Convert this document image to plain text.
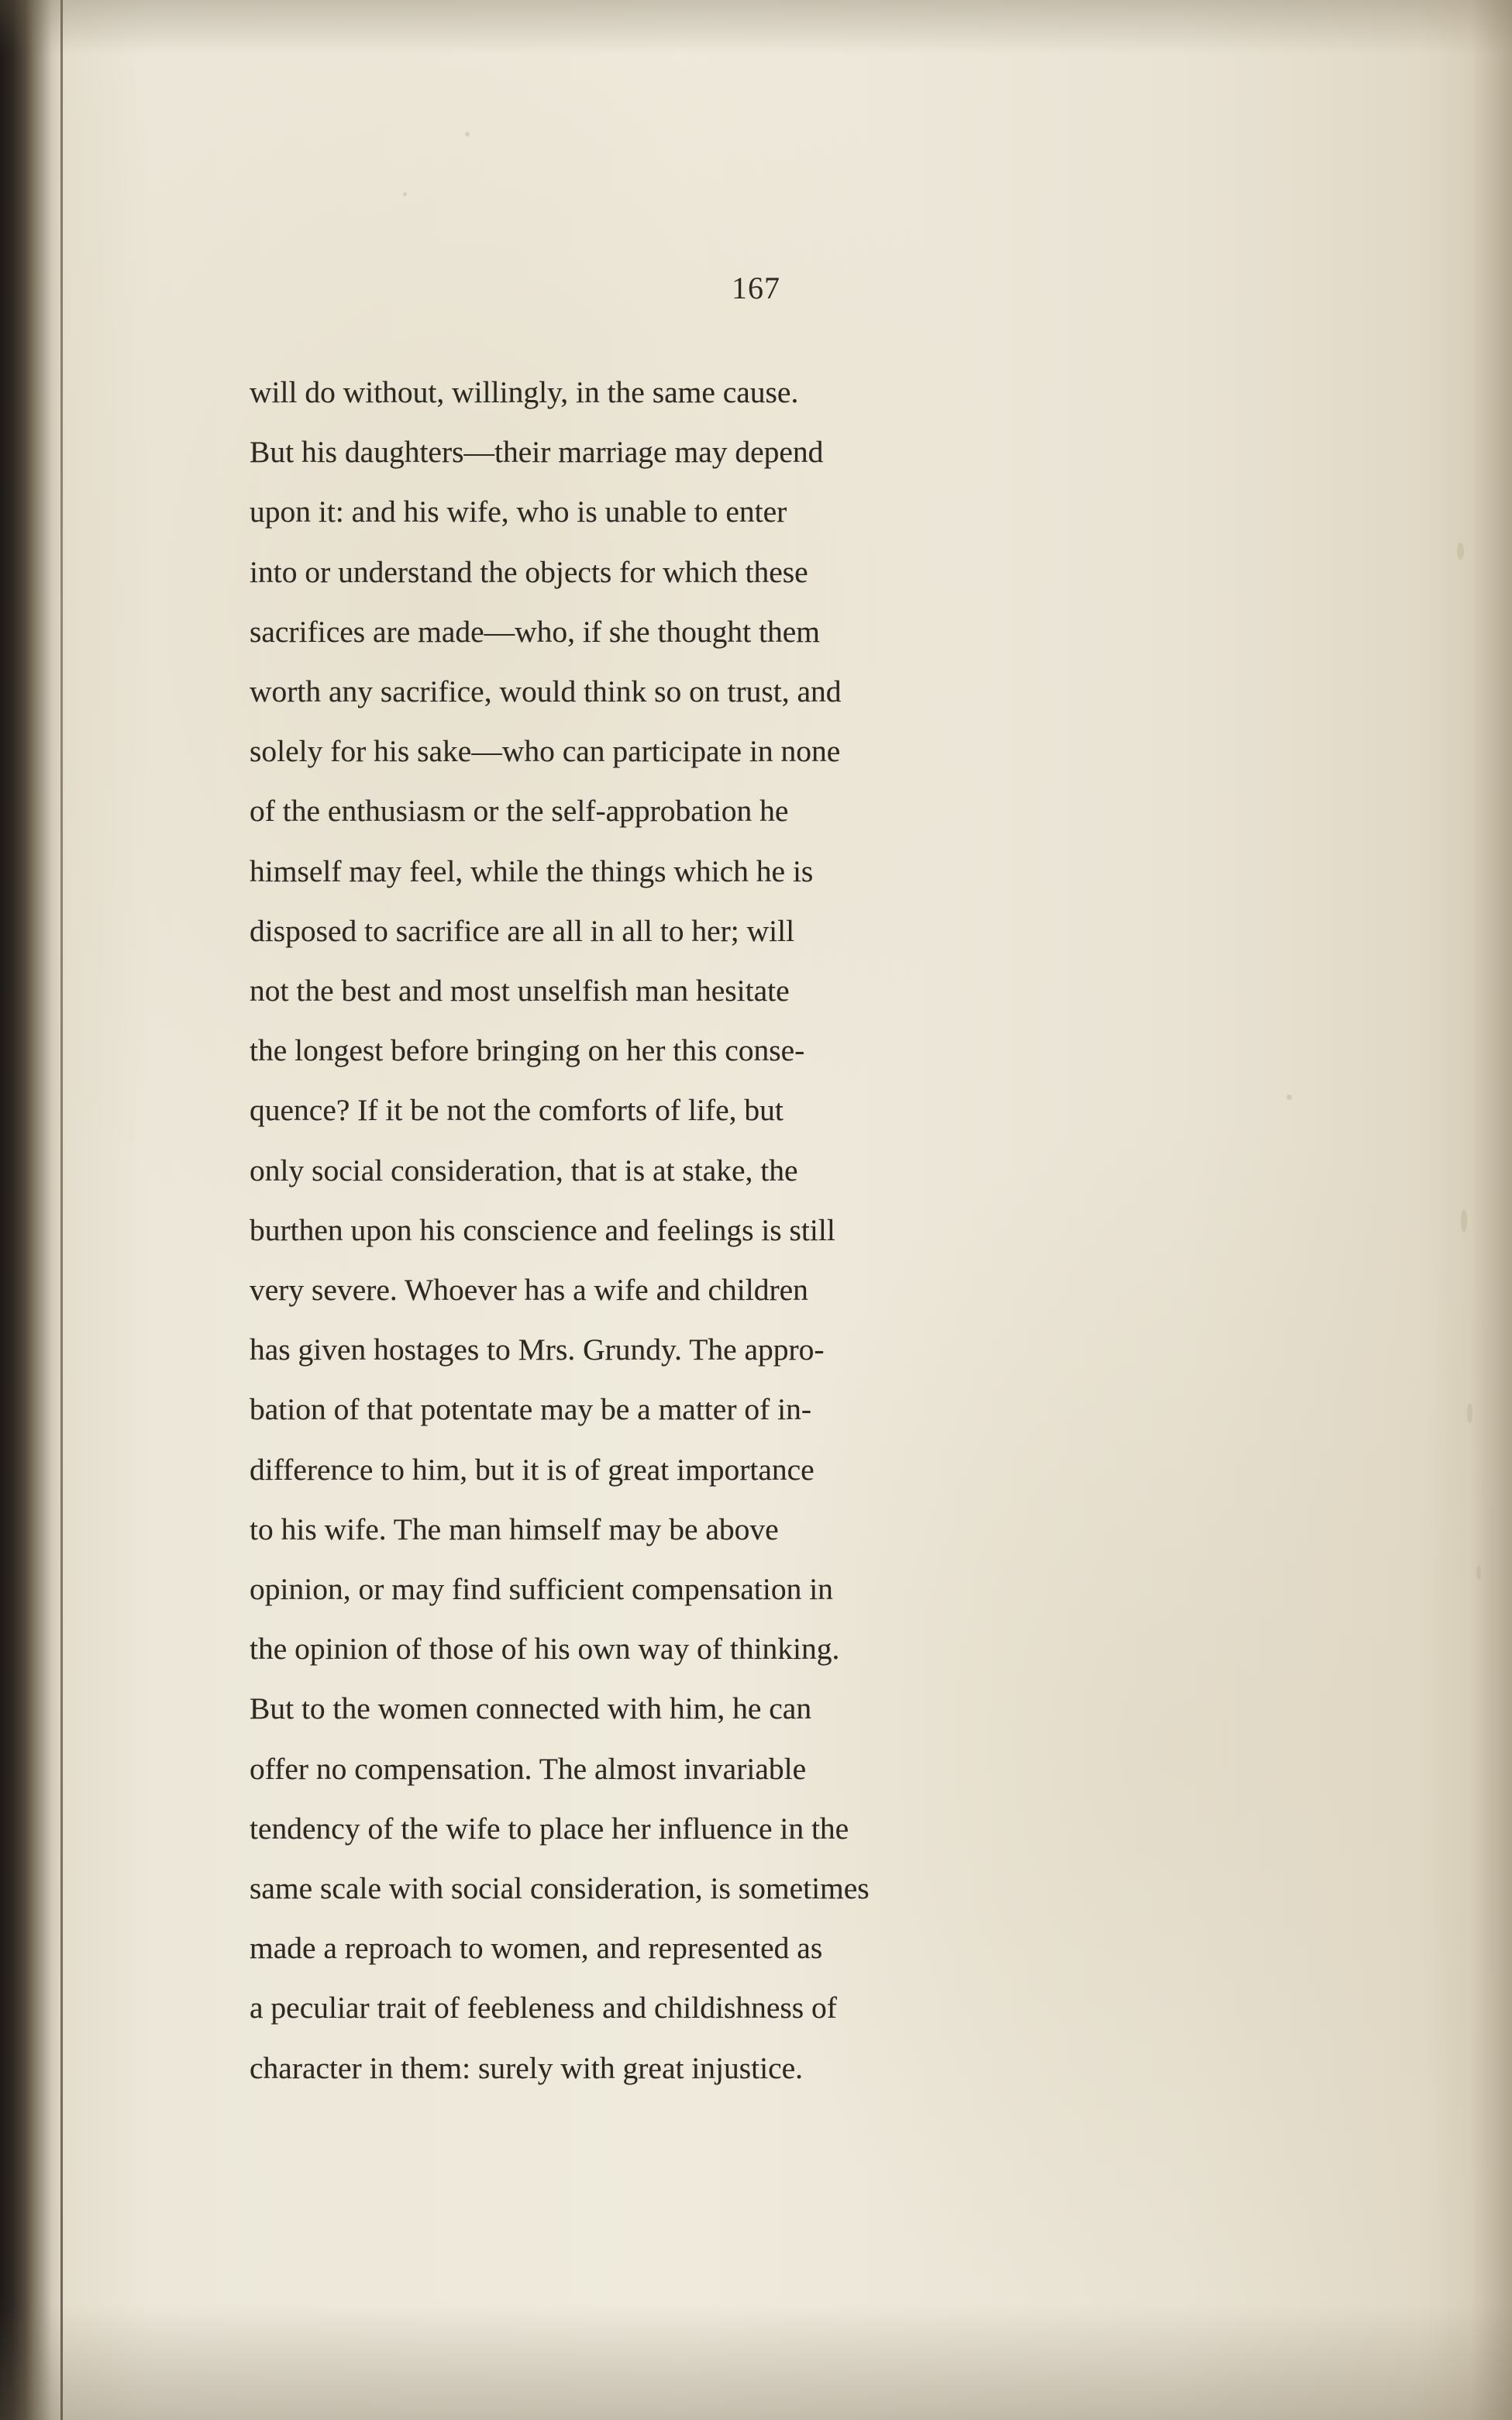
167
will do without, willingly, in the same cause.
But his daughters—their marriage may depend
upon it: and his wife, who is unable to enter
into or understand the objects for which these
sacrifices are made—who, if she thought them
worth any sacrifice, would think so on trust, and
solely for his sake—who can participate in none
of the enthusiasm or the self-approbation he
himself may feel, while the things which he is
disposed to sacrifice are all in all to her; will
not the best and most unselfish man hesitate
the longest before bringing on her this conse-
quence? If it be not the comforts of life, but
only social consideration, that is at stake, the
burthen upon his conscience and feelings is still
very severe. Whoever has a wife and children
has given hostages to Mrs. Grundy. The appro-
bation of that potentate may be a matter of in-
difference to him, but it is of great importance
to his wife. The man himself may be above
opinion, or may find sufficient compensation in
the opinion of those of his own way of thinking.
But to the women connected with him, he can
offer no compensation. The almost invariable
tendency of the wife to place her influence in the
same scale with social consideration, is sometimes
made a reproach to women, and represented as
a peculiar trait of feebleness and childishness of
character in them: surely with great injustice.
